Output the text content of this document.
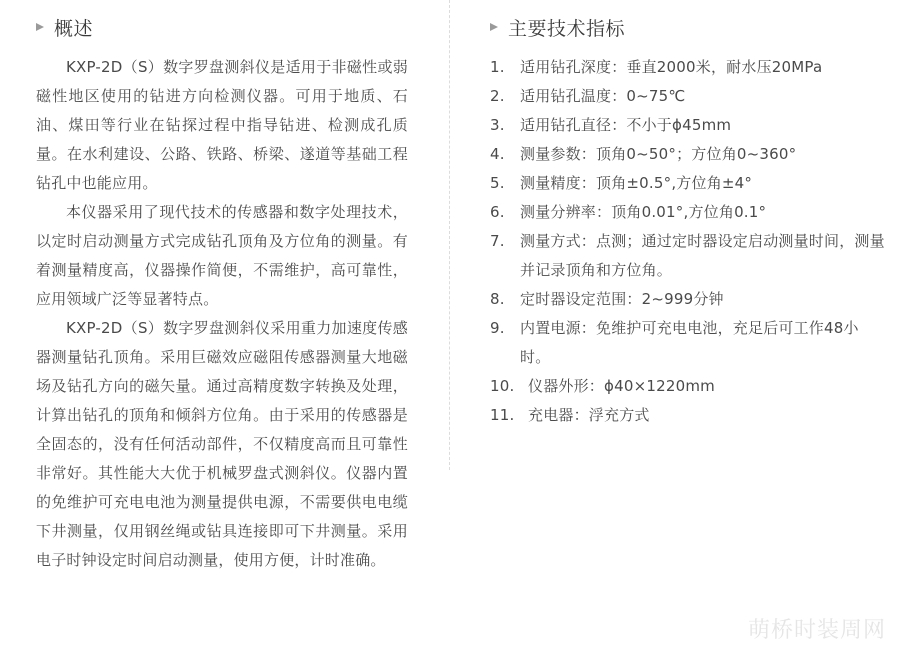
概述

KXP-2D（S）数字罗盘测斜仪是适用于非磁性或弱磁性地区使用的钻进方向检测仪器。可用于地质、石油、煤田等行业在钻探过程中指导钻进、检测成孔质量。在水利建设、公路、铁路、桥梁、遂道等基础工程钻孔中也能应用。

本仪器采用了现代技术的传感器和数字处理技术，以定时启动测量方式完成钻孔顶角及方位角的测量。有着测量精度高，仪器操作简便，不需维护，高可靠性，应用领域广泛等显著特点。

KXP-2D（S）数字罗盘测斜仪采用重力加速度传感器测量钻孔顶角。采用巨磁效应磁阻传感器测量大地磁场及钻孔方向的磁矢量。通过高精度数字转换及处理，计算出钻孔的顶角和倾斜方位角。由于采用的传感器是全固态的，没有任何活动部件，不仅精度高而且可靠性非常好。其性能大大优于机械罗盘式测斜仪。仪器内置的免维护可充电电池为测量提供电源，不需要供电电缆下井测量，仅用钢丝绳或钻具连接即可下井测量。采用电子时钟设定时间启动测量，使用方便，计时准确。

主要技术指标
1.	适用钻孔深度：垂直2000米，耐水压20MPa
2.	适用钻孔温度：0~75℃
3.	适用钻孔直径：不小于ϕ45mm
4.	测量参数：顶角0~50°；方位角0~360°
5.	测量精度：顶角±0.5°,方位角±4°
6.	测量分辨率：顶角0.01°,方位角0.1°
7.	测量方式：点测；通过定时器设定启动测量时间，测量并记录顶角和方位角。
8.	定时器设定范围：2~999分钟
9.	内置电源：免维护可充电电池，充足后可工作48小时。
10. 仪器外形：ϕ40×1220mm
11. 充电器：浮充方式
萌桥时装周网
